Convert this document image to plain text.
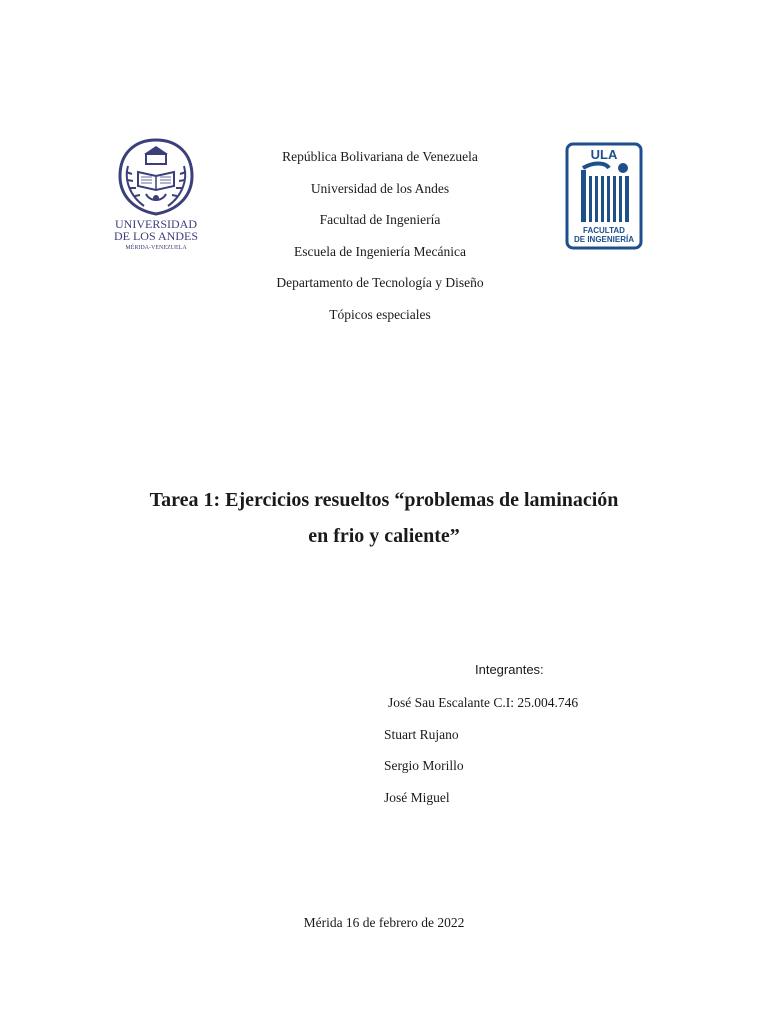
UNIVERSIDAD
DE LOS ANDES
MÉRIDA-VENEZUELA
República Bolivariana de Venezuela
Universidad de los Andes
Facultad de Ingeniería
Escuela de Ingeniería Mecánica
Departamento de Tecnología y Diseño
Tópicos especiales
ULA
FACULTAD
DE INGENIERÍA
Tarea 1: Ejercicios resueltos “problemas de laminación
en frio y caliente”
Integrantes:
José Sau Escalante C.I: 25.004.746
Stuart Rujano
Sergio Morillo
José Miguel
Mérida 16 de febrero de 2022
